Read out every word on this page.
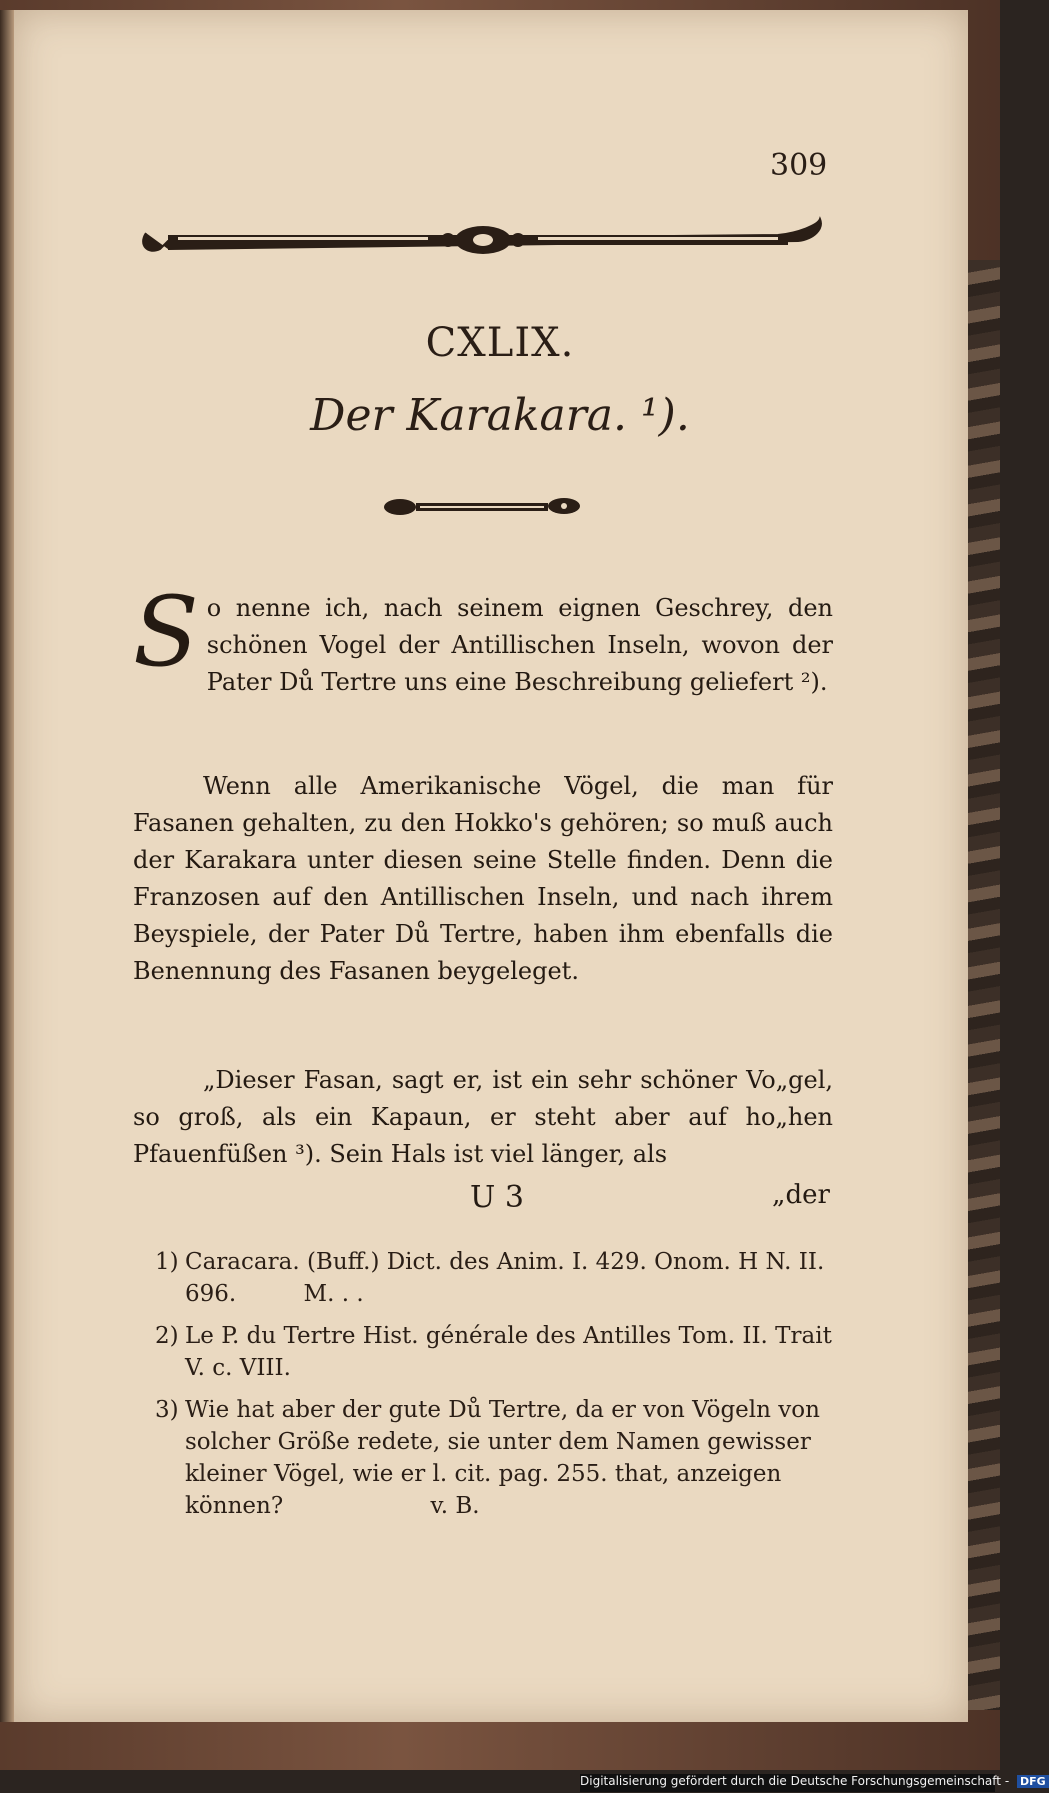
309
CXLIX.
Der Karakara. ¹).
S o nenne ich, nach seinem eignen Geschrey, den schönen Vogel der Antillischen Inseln, wovon der Pater Dů Tertre uns eine Beschreibung geliefert ²).
Wenn alle Amerikanische Vögel, die man für Fasanen gehalten, zu den Hokko's gehören; so muß auch der Karakara unter diesen seine Stelle finden. Denn die Franzosen auf den Antillischen Inseln, und nach ihrem Beyspiele, der Pater Dů Tertre, haben ihm ebenfalls die Benennung des Fasanen beygeleget.
„Dieser Fasan, sagt er, ist ein sehr schöner Vo„gel, so groß, als ein Kapaun, er steht aber auf ho„hen Pfauenfüßen ³). Sein Hals ist viel länger, als
U 3	„der
1) Caracara. (Buff.) Dict. des Anim. I. 429. Onom. H N. II. 696.	M. . .
2) Le P. du Tertre Hist. générale des Antilles Tom. II. Trait V. c. VIII.
3) Wie hat aber der gute Dů Tertre, da er von Vögeln von solcher Größe redete, sie unter dem Namen gewisser kleiner Vögel, wie er l. cit. pag. 255. that, anzeigen können?	v. B.
Digitalisierung gefördert durch die Deutsche Forschungsgemeinschaft - DFG
